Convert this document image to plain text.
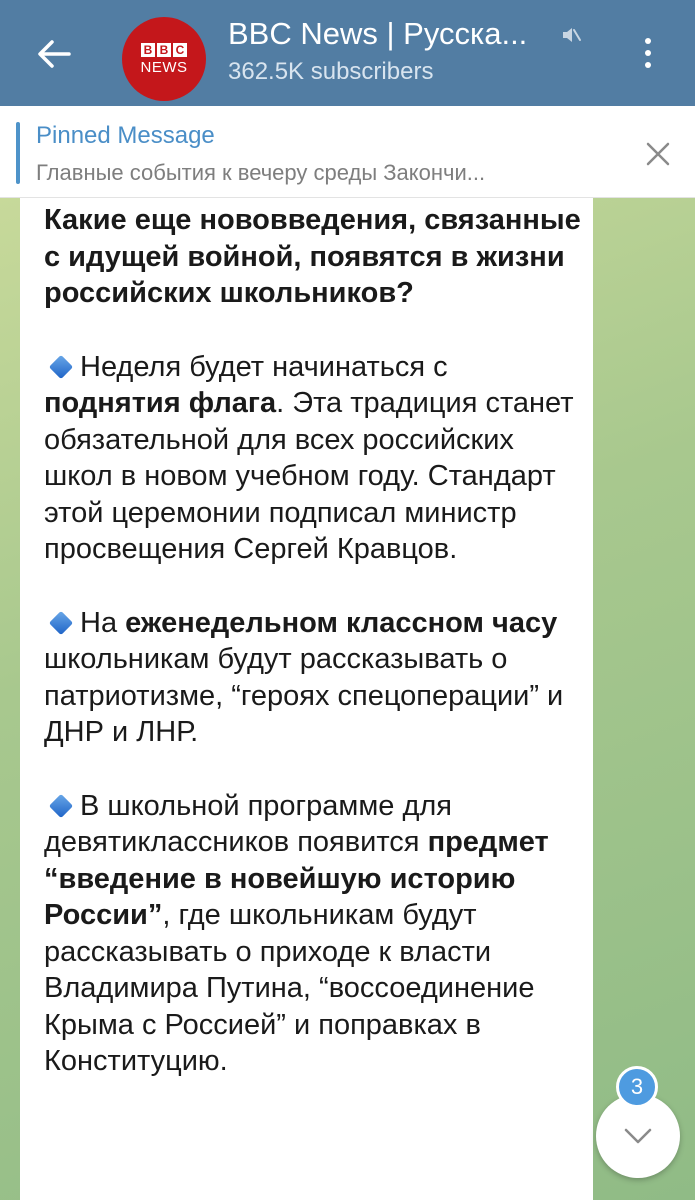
B B C
NEWS
BBC News | Русска...
362.5K subscribers
Pinned Message
Главные события к вечеру среды Закончи...

Какие еще нововведения, связанные с идущей войной, появятся в жизни российских школьников?

Неделя будет начинаться с поднятия флага. Эта традиция станет обязательной для всех российских школ в новом учебном году. Стандарт этой церемонии подписал министр просвещения Сергей Кравцов.

На еженедельном классном часу школьникам будут рассказывать о патриотизме, “героях спецоперации” и ДНР и ЛНР.

В школьной программе для девятиклассников появится предмет “введение в новейшую историю России”, где школьникам будут рассказывать о приходе к власти Владимира Путина, “воссоединение Крыма с Россией” и поправках в Конституцию.

3
